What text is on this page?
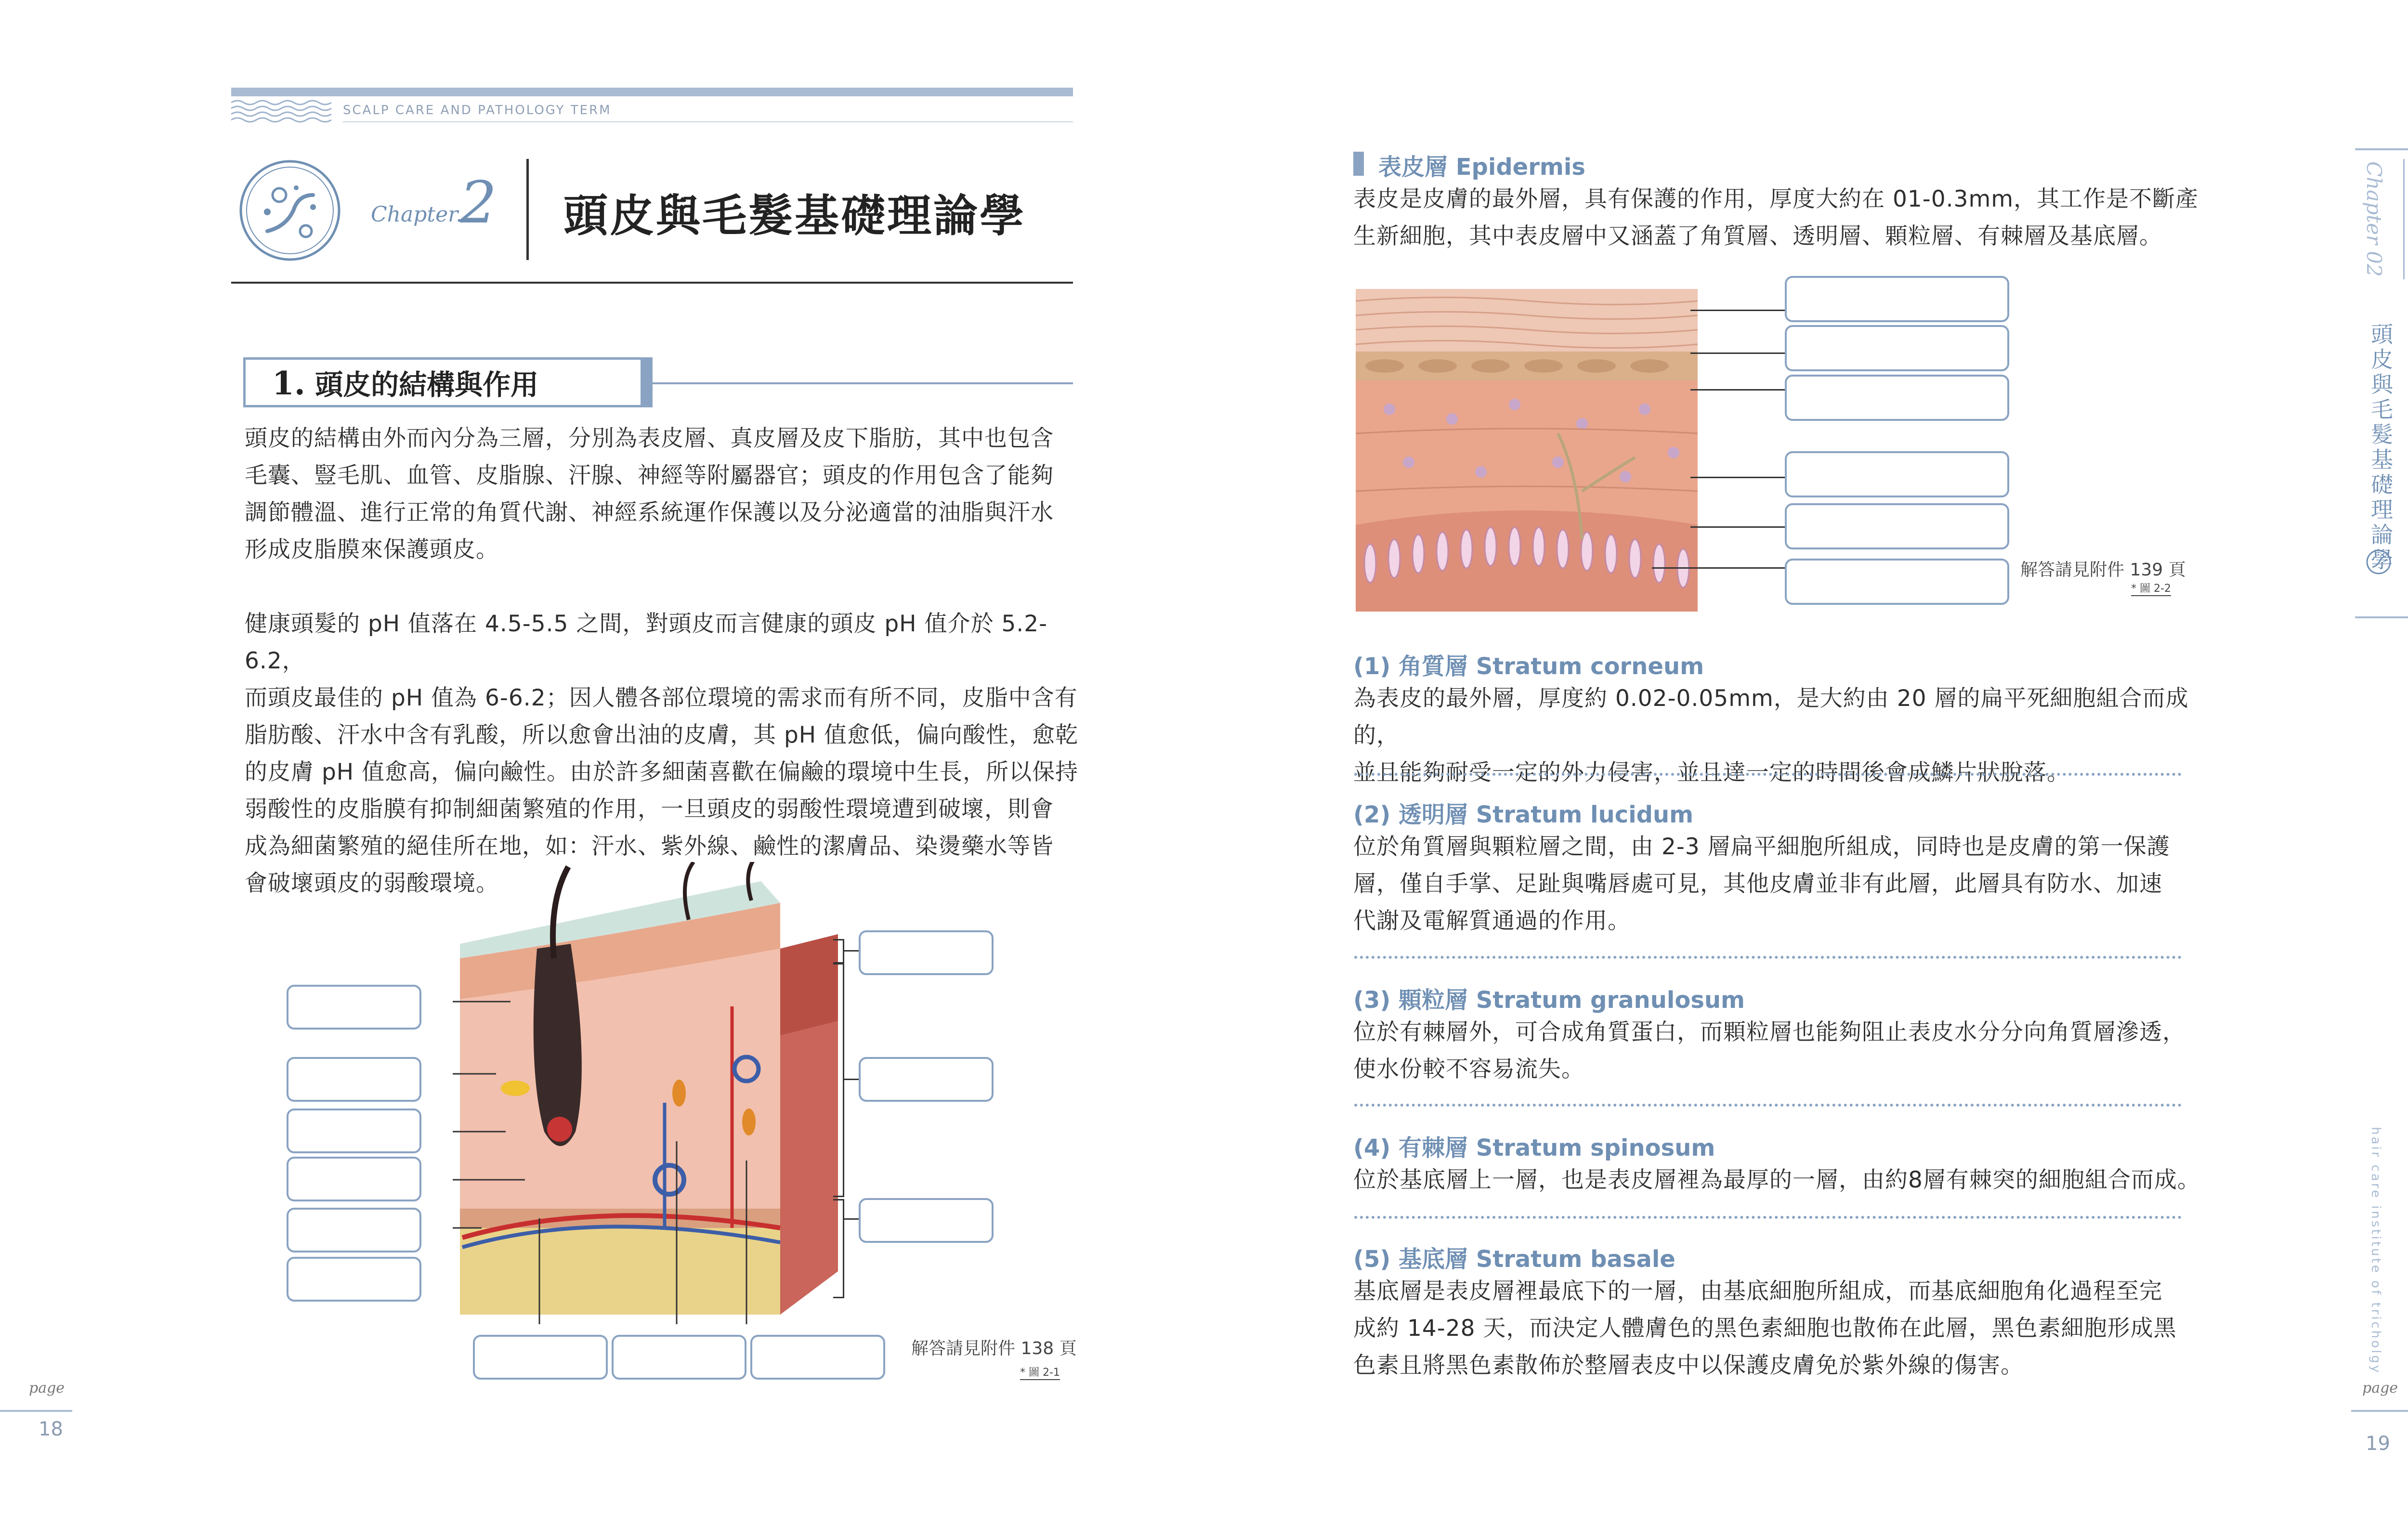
SCALP CARE AND PATHOLOGY TERM
Chapter.
2 頭皮與毛髮基礎理論學
1. 頭皮的結構與作用
頭皮的結構由外而內分為三層，分別為表皮層、真皮層及皮下脂肪，其中也包含
毛囊、豎毛肌、血管、皮脂腺、汗腺、神經等附屬器官；頭皮的作用包含了能夠
調節體溫、進行正常的角質代謝、神經系統運作保護以及分泌適當的油脂與汗水
形成皮脂膜來保護頭皮。
健康頭髮的 pH 值落在 4.5-5.5 之間，對頭皮而言健康的頭皮 pH 值介於 5.2-6.2，
而頭皮最佳的 pH 值為 6-6.2；因人體各部位環境的需求而有所不同，皮脂中含有
脂肪酸、汗水中含有乳酸，所以愈會出油的皮膚，其 pH 值愈低，偏向酸性，愈乾
的皮膚 pH 值愈高，偏向鹼性。由於許多細菌喜歡在偏鹼的環境中生長，所以保持
弱酸性的皮脂膜有抑制細菌繁殖的作用，一旦頭皮的弱酸性環境遭到破壞，則會
成為細菌繁殖的絕佳所在地，如：汗水、紫外線、鹼性的潔膚品、染燙藥水等皆
會破壞頭皮的弱酸環境。
解答請見附件 138 頁
* 圖 2-1
page
18
表皮層 Epidermis
表皮是皮膚的最外層，具有保護的作用，厚度大約在 01-0.3mm，其工作是不斷產
生新細胞，其中表皮層中又涵蓋了角質層、透明層、顆粒層、有棘層及基底層。
解答請見附件 139 頁
* 圖 2-2
(1) 角質層 Stratum corneum
為表皮的最外層，厚度約 0.02-0.05mm，是大約由 20 層的扁平死細胞組合而成的，
並且能夠耐受一定的外力侵害，並且達一定的時間後會成鱗片狀脫落。
(2) 透明層 Stratum lucidum
位於角質層與顆粒層之間，由 2-3 層扁平細胞所組成，同時也是皮膚的第一保護
層，僅自手掌、足趾與嘴唇處可見，其他皮膚並非有此層，此層具有防水、加速
代謝及電解質通過的作用。
(3) 顆粒層 Stratum granulosum
位於有棘層外，可合成角質蛋白，而顆粒層也能夠阻止表皮水分分向角質層滲透，
使水份較不容易流失。
(4) 有棘層 Stratum spinosum
位於基底層上一層，也是表皮層裡為最厚的一層，由約8層有棘突的細胞組合而成。
(5) 基底層 Stratum basale
基底層是表皮層裡最底下的一層，由基底細胞所組成，而基底細胞角化過程至完
成約 14-28 天，而決定人體膚色的黑色素細胞也散佈在此層，黑色素細胞形成黑
色素且將黑色素散佈於整層表皮中以保護皮膚免於紫外線的傷害。
Chapter 02
頭皮與毛髮基礎理論學
hair care institute of tricholgy
page
19
